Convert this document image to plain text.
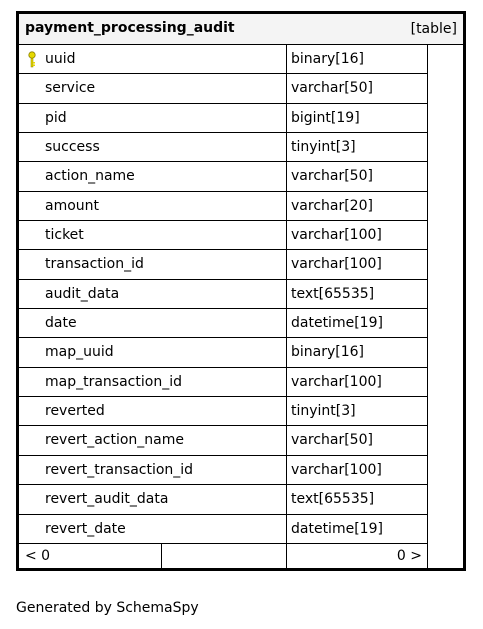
payment_processing_audit	[table]
uuid	binary[16]
service	varchar[50]
pid	bigint[19]
success	tinyint[3]
action_name	varchar[50]
amount	varchar[20]
ticket	varchar[100]
transaction_id	varchar[100]
audit_data	text[65535]
date	datetime[19]
map_uuid	binary[16]
map_transaction_id	varchar[100]
reverted	tinyint[3]
revert_action_name	varchar[50]
revert_transaction_id	varchar[100]
revert_audit_data	text[65535]
revert_date	datetime[19]
< 0	0 >
Generated by SchemaSpy
